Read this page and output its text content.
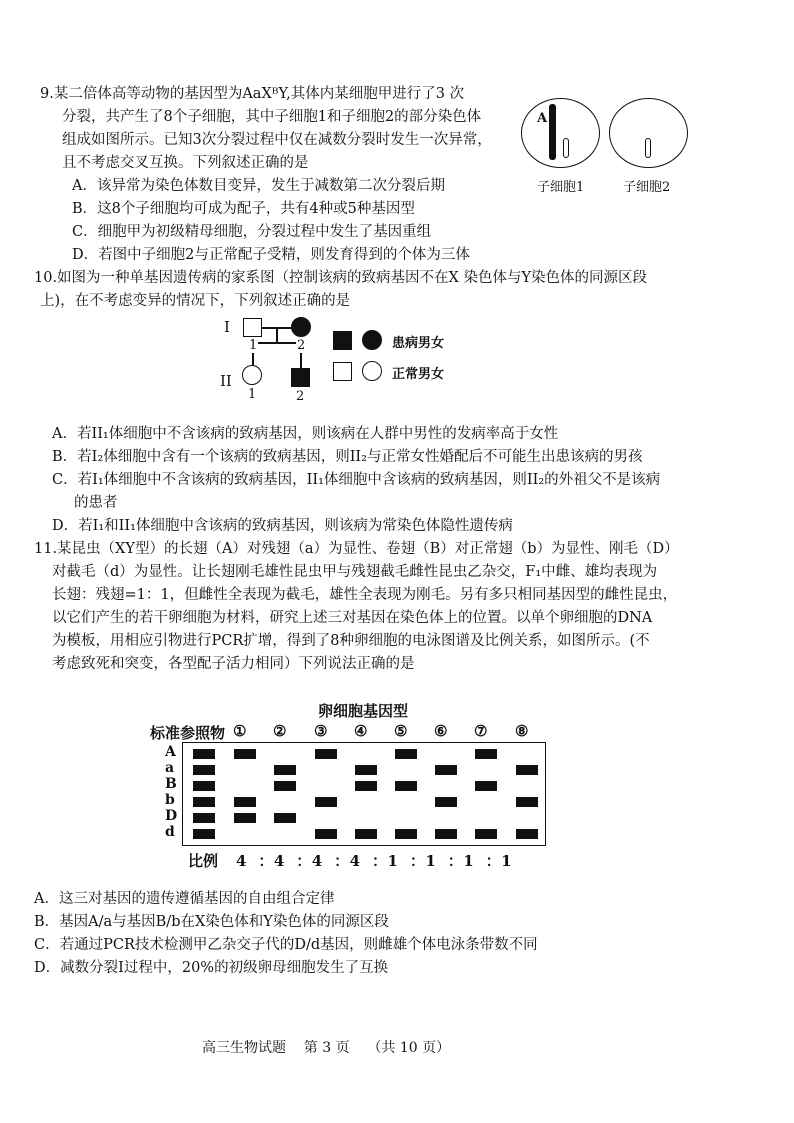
9.某二倍体高等动物的基因型为AaXᴮY,其体内某细胞甲进行了3 次
分裂，共产生了8个子细胞，其中子细胞1和子细胞2的部分染色体
组成如图所示。已知3次分裂过程中仅在减数分裂时发生一次异常，
且不考虑交叉互换。下列叙述正确的是
A．该异常为染色体数目变异，发生于减数第二次分裂后期
B．这8个子细胞均可成为配子，共有4种或5种基因型
C．细胞甲为初级精母细胞，分裂过程中发生了基因重组
D．若图中子细胞2与正常配子受精，则发育得到的个体为三体
A
子细胞1	子细胞2
10.如图为一种单基因遗传病的家系图（控制该病的致病基因不在X 染色体与Y染色体的同源区段
上)，在不考虑变异的情况下，下列叙述正确的是
I
II
1	2
1	2
患病男女
正常男女
A．若II₁体细胞中不含该病的致病基因，则该病在人群中男性的发病率高于女性
B．若I₂体细胞中含有一个该病的致病基因，则II₂与正常女性婚配后不可能生出患该病的男孩
C．若I₁体细胞中不含该病的致病基因，II₁体细胞中含该病的致病基因，则II₂的外祖父不是该病
的患者
D．若I₁和II₁体细胞中含该病的致病基因，则该病为常染色体隐性遗传病
11.某昆虫（XY型）的长翅（A）对残翅（a）为显性、卷翅（B）对正常翅（b）为显性、刚毛（D）
对截毛（d）为显性。让长翅刚毛雄性昆虫甲与残翅截毛雌性昆虫乙杂交，F₁中雌、雄均表现为
长翅：残翅=1：1，但雌性全表现为截毛，雄性全表现为刚毛。另有多只相同基因型的雌性昆虫，
以它们产生的若干卵细胞为材料，研究上述三对基因在染色体上的位置。以单个卵细胞的DNA
为模板，用相应引物进行PCR扩增，得到了8种卵细胞的电泳图谱及比例关系，如图所示。(不
考虑致死和突变，各型配子活力相同）下列说法正确的是
卵细胞基因型
标准参照物 ① ② ③ ④ ⑤ ⑥ ⑦ ⑧
A
a
B
b
D
d
比例 4  ：4  ：4  ：4  ：1  ：1  ：1  ：1
A．这三对基因的遗传遵循基因的自由组合定律
B．基因A/a与基因B/b在X染色体和Y染色体的同源区段
C．若通过PCR技术检测甲乙杂交子代的D/d基因，则雌雄个体电泳条带数不同
D．减数分裂Ⅰ过程中，20%的初级卵母细胞发生了互换
高三生物试题    第 3 页    （共 10 页）
